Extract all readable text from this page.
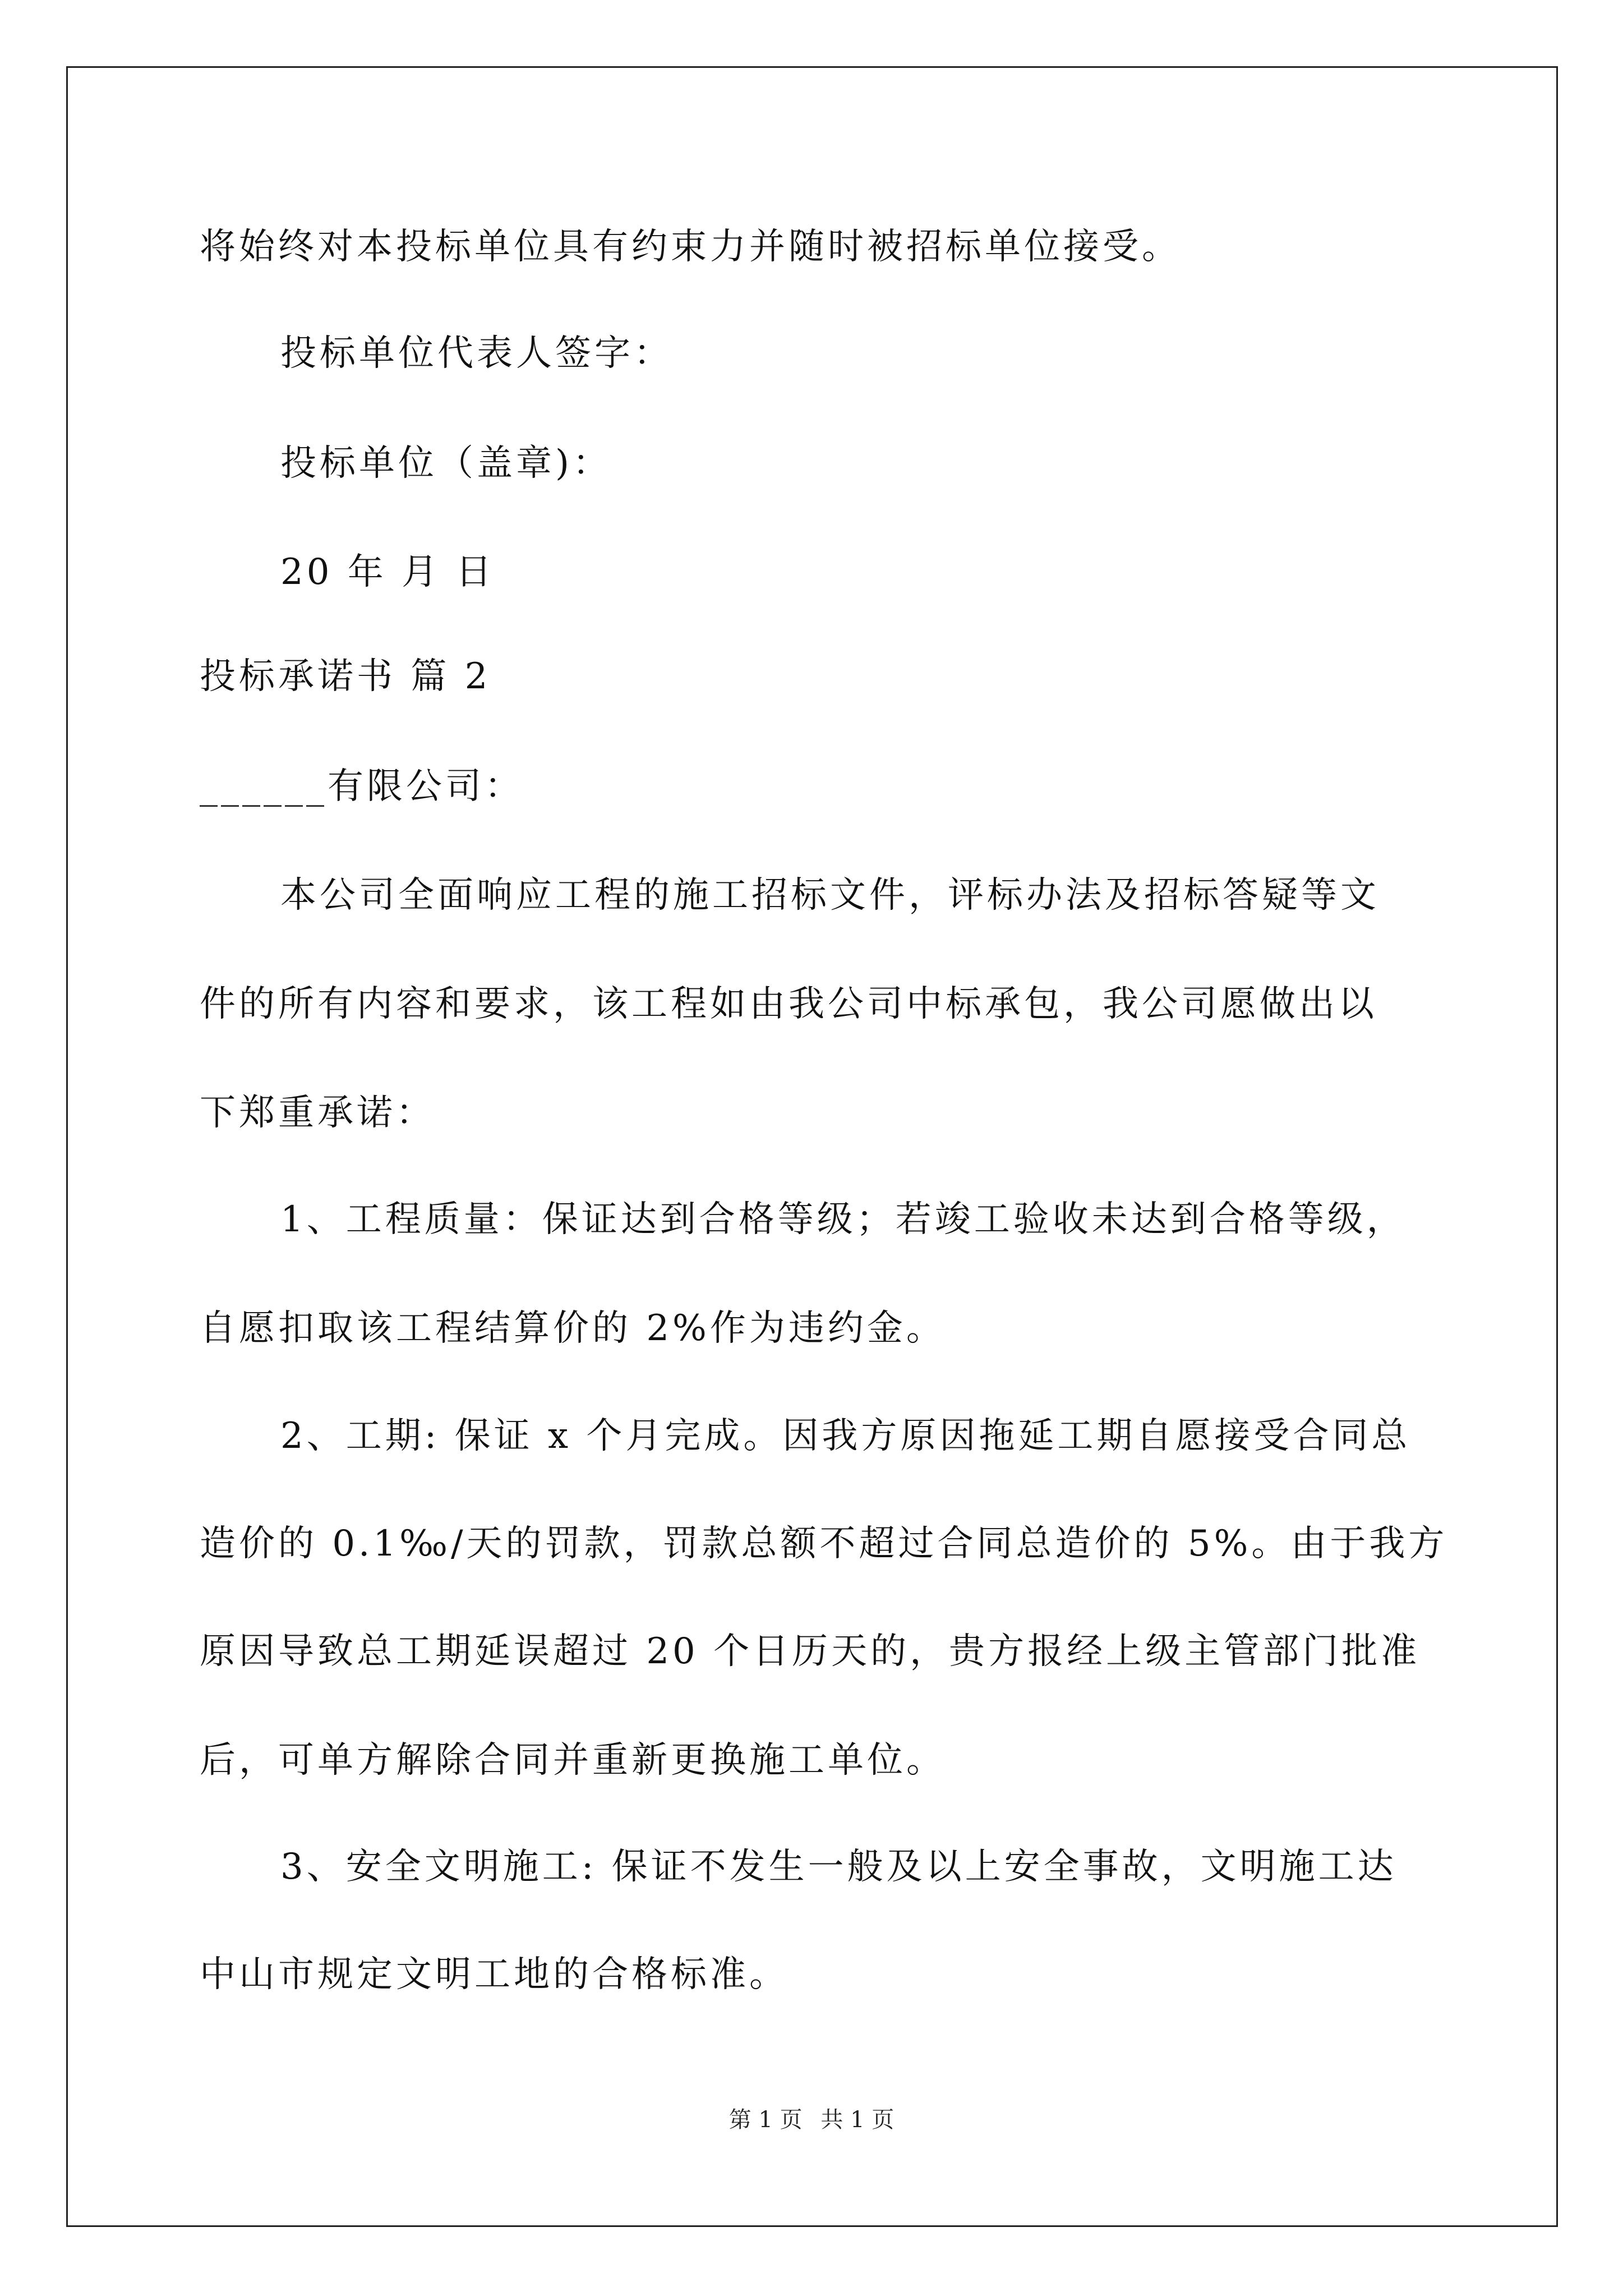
将始终对本投标单位具有约束力并随时被招标单位接受。
投标单位代表人签字：
投标单位（盖章)：
20 年 月 日
投标承诺书 篇 2
______有限公司：
本公司全面响应工程的施工招标文件，评标办法及招标答疑等文
件的所有内容和要求，该工程如由我公司中标承包，我公司愿做出以
下郑重承诺：
1、工程质量：保证达到合格等级；若竣工验收未达到合格等级，
自愿扣取该工程结算价的 2%作为违约金。
2、工期: 保证 x 个月完成。因我方原因拖延工期自愿接受合同总
造价的 0.1‰/天的罚款，罚款总额不超过合同总造价的 5%。由于我方
原因导致总工期延误超过 20 个日历天的，贵方报经上级主管部门批准
后，可单方解除合同并重新更换施工单位。
3、安全文明施工: 保证不发生一般及以上安全事故，文明施工达
中山市规定文明工地的合格标准。
第 1 页 共 1 页
